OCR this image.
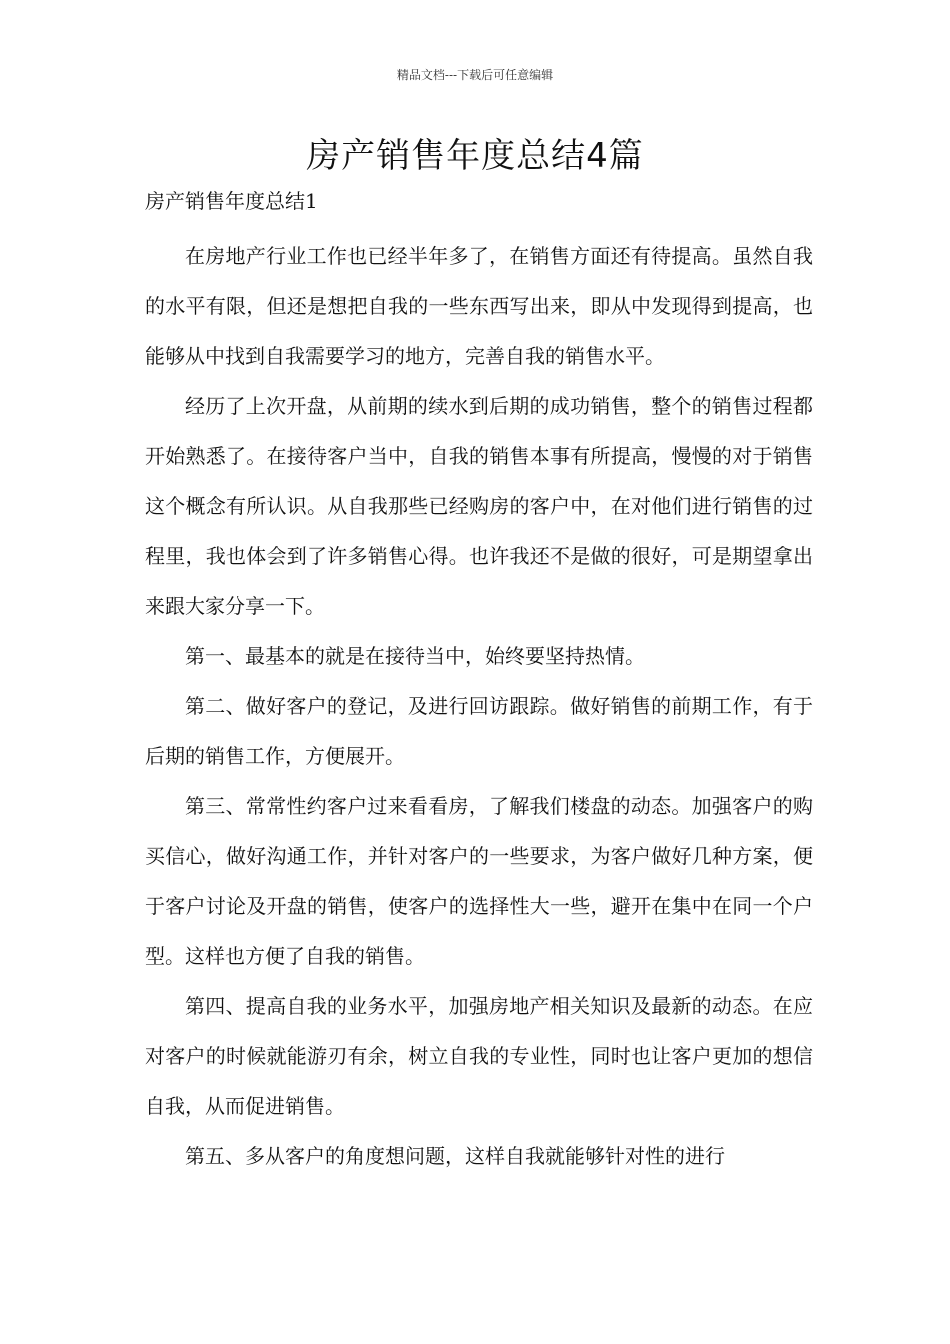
精品文档---下载后可任意编辑
房产销售年度总结4篇
房产销售年度总结1

在房地产行业工作也已经半年多了，在销售方面还有待提高。虽然自我的水平有限，但还是想把自我的一些东西写出来，即从中发现得到提高，也能够从中找到自我需要学习的地方，完善自我的销售水平。

经历了上次开盘，从前期的续水到后期的成功销售，整个的销售过程都开始熟悉了。在接待客户当中，自我的销售本事有所提高，慢慢的对于销售这个概念有所认识。从自我那些已经购房的客户中，在对他们进行销售的过程里，我也体会到了许多销售心得。也许我还不是做的很好，可是期望拿出来跟大家分享一下。

第一、最基本的就是在接待当中，始终要坚持热情。

第二、做好客户的登记，及进行回访跟踪。做好销售的前期工作，有于后期的销售工作，方便展开。

第三、常常性约客户过来看看房，了解我们楼盘的动态。加强客户的购买信心，做好沟通工作，并针对客户的一些要求，为客户做好几种方案，便于客户讨论及开盘的销售，使客户的选择性大一些，避开在集中在同一个户型。这样也方便了自我的销售。

第四、提高自我的业务水平，加强房地产相关知识及最新的动态。在应对客户的时候就能游刃有余，树立自我的专业性，同时也让客户更加的想信自我，从而促进销售。

第五、多从客户的角度想问题，这样自我就能够针对性的进行
